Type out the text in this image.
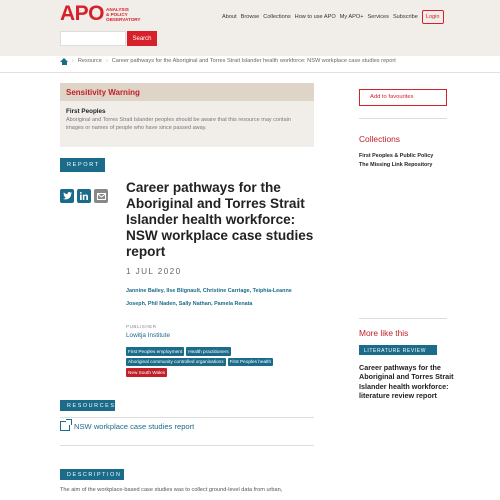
APO ANALYSIS
& POLICY
OBSERVATORY	About Browse Collections How to use APO My APO+ Services Subscribe	Login
Search
› Resource › Career pathways for the Aboriginal and Torres Strait Islander health workforce: NSW workplace case studies report
Sensitivity Warning
First Peoples
Aboriginal and Torres Strait Islander peoples should be aware that this resource may contain images or names of people who have since passed away.
Add to favourites
Collections
First Peoples & Public Policy
The Missing Link Repository
More like this
LITERATURE REVIEW
Career pathways for the Aboriginal and Torres Strait Islander health workforce: literature review report
REPORT
Career pathways for the Aboriginal and Torres Strait Islander health workforce: NSW workplace case studies report
1 JUL 2020
Jannine Bailey, Ilse Blignault, Christine Carriage, Teiphia-Leanne Joseph, Phil Naden, Sally Nathan, Pamela Renata
PUBLISHER
Lowitja Institute
First Peoples employment	Health practitioners
Aboriginal community controlled organisations	First Peoples health
New South Wales
RESOURCES
NSW workplace case studies report
DESCRIPTION
The aim of the workplace-based case studies was to collect ground-level data from urban,
